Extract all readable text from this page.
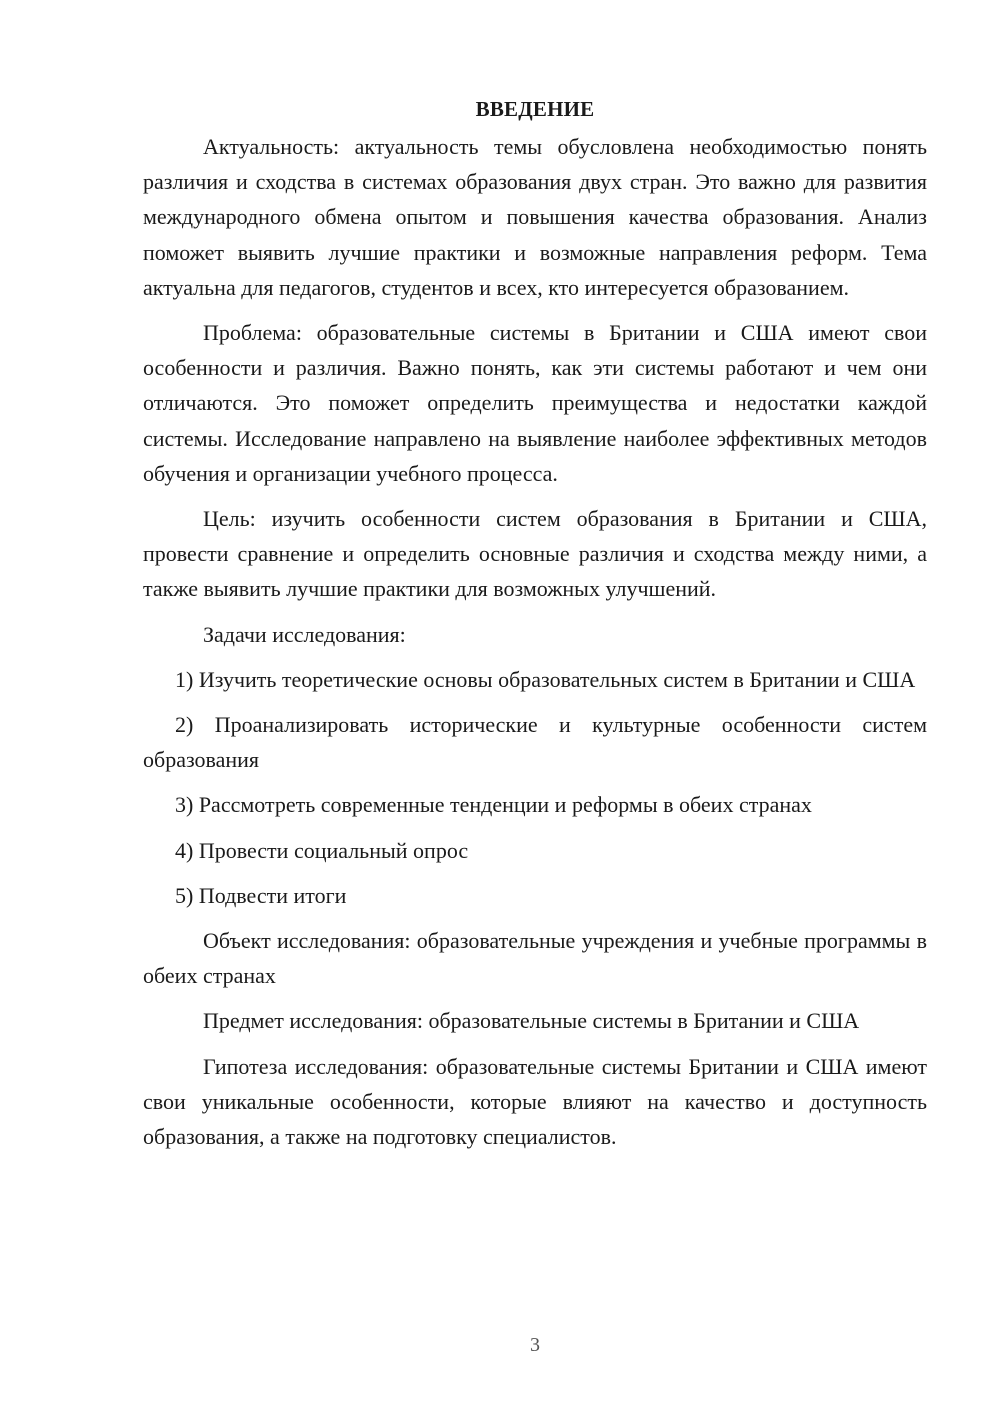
ВВЕДЕНИЕ

Актуальность: актуальность темы обусловлена необходимостью понять различия и сходства в системах образования двух стран. Это важно для развития международного обмена опытом и повышения качества образования. Анализ поможет выявить лучшие практики и возможные направления реформ. Тема актуальна для педагогов, студентов и всех, кто интересуется образованием.

Проблема: образовательные системы в Британии и США имеют свои особенности и различия. Важно понять, как эти системы работают и чем они отличаются. Это поможет определить преимущества и недостатки каждой системы. Исследование направлено на выявление наиболее эффективных методов обучения и организации учебного процесса.

Цель: изучить особенности систем образования в Британии и США, провести сравнение и определить основные различия и сходства между ними, а также выявить лучшие практики для возможных улучшений.

Задачи исследования:

1) Изучить теоретические основы образовательных систем в Британии и США

2) Проанализировать исторические и культурные особенности систем образования

3) Рассмотреть современные тенденции и реформы в обеих странах

4) Провести социальный опрос

5) Подвести итоги

Объект исследования: образовательные учреждения и учебные программы в обеих странах

Предмет исследования: образовательные системы в Британии и США

Гипотеза исследования: образовательные системы Британии и США имеют свои уникальные особенности, которые влияют на качество и доступность образования, а также на подготовку специалистов.

3
